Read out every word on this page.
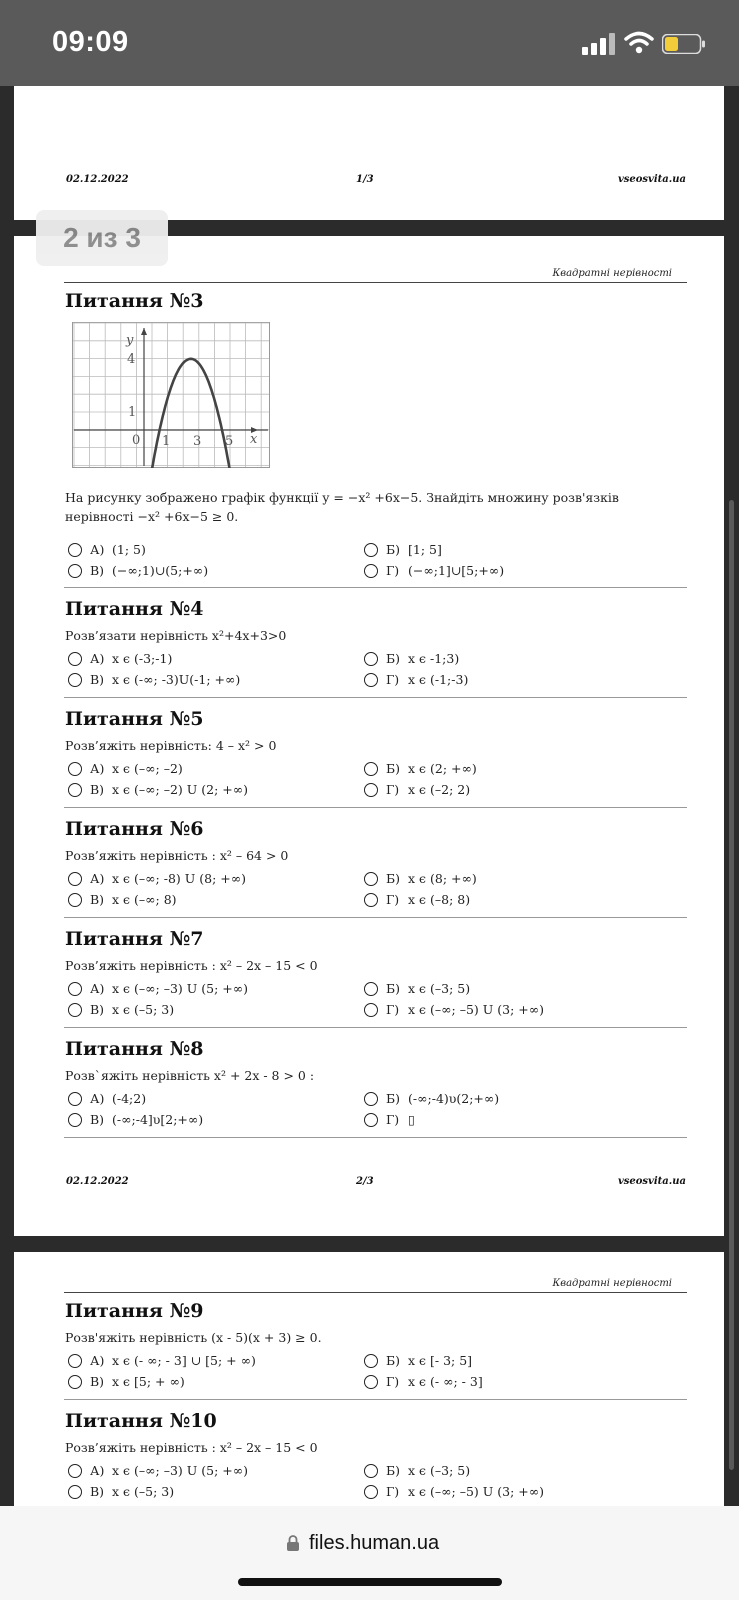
09:09
02.12.2022	1/3	vseosvita.ua
Квадратні нерівності
Питання №3
y
x
4
1
0 1 3 5
На рисунку зображено графік функції y = −x² +6x−5. Знайдіть множину розв'язків нерівності −x² +6x−5 ≥ 0.
А) (1; 5)	Б) [1; 5]
В) (−∞;1)∪(5;+∞)	Г) (−∞;1]∪[5;+∞)
Питання №4
Розв’язати нерівність x²+4x+3>0
А) x є (-3;-1)	Б) x є -1;3)
В) x є (-∞; -3)U(-1; +∞)	Г) x є (-1;-3)
Питання №5
Розв’яжіть нерівність: 4 – x² > 0
А) x є (–∞; –2)	Б) x є (2; +∞)
В) x є (–∞; –2) U (2; +∞)	Г) x є (–2; 2)
Питання №6
Розв’яжіть нерівність : x² – 64 > 0
А) x є (–∞; -8) U (8; +∞)	Б) x є (8; +∞)
В) x є (–∞; 8)	Г) x є (–8; 8)
Питання №7
Розв’яжіть нерівність : x² – 2x – 15 < 0
А) x є (–∞; –3) U (5; +∞)	Б) x є (–3; 5)
В) x є (–5; 3)	Г) x є (–∞; –5) U (3; +∞)
Питання №8
Розв`яжіть нерівність x² + 2x - 8 > 0 :
А) (-4;2)	Б) (-∞;-4)υ(2;+∞)
В) (-∞;-4]υ[2;+∞)	Г) ▯
02.12.2022	2/3	vseosvita.ua
Квадратні нерівності
Питання №9
Розв'яжіть нерівність (x - 5)(x + 3) ≥ 0.
А) x є (- ∞; - 3] ∪ [5; + ∞)	Б) x є [- 3; 5]
В) x є [5; + ∞)	Г) x є (- ∞; - 3]
Питання №10
Розв’яжіть нерівність : x² – 2x – 15 < 0
А) x є (–∞; –3) U (5; +∞)	Б) x є (–3; 5)
В) x є (–5; 3)	Г) x є (–∞; –5) U (3; +∞)
2 из 3
files.human.ua
